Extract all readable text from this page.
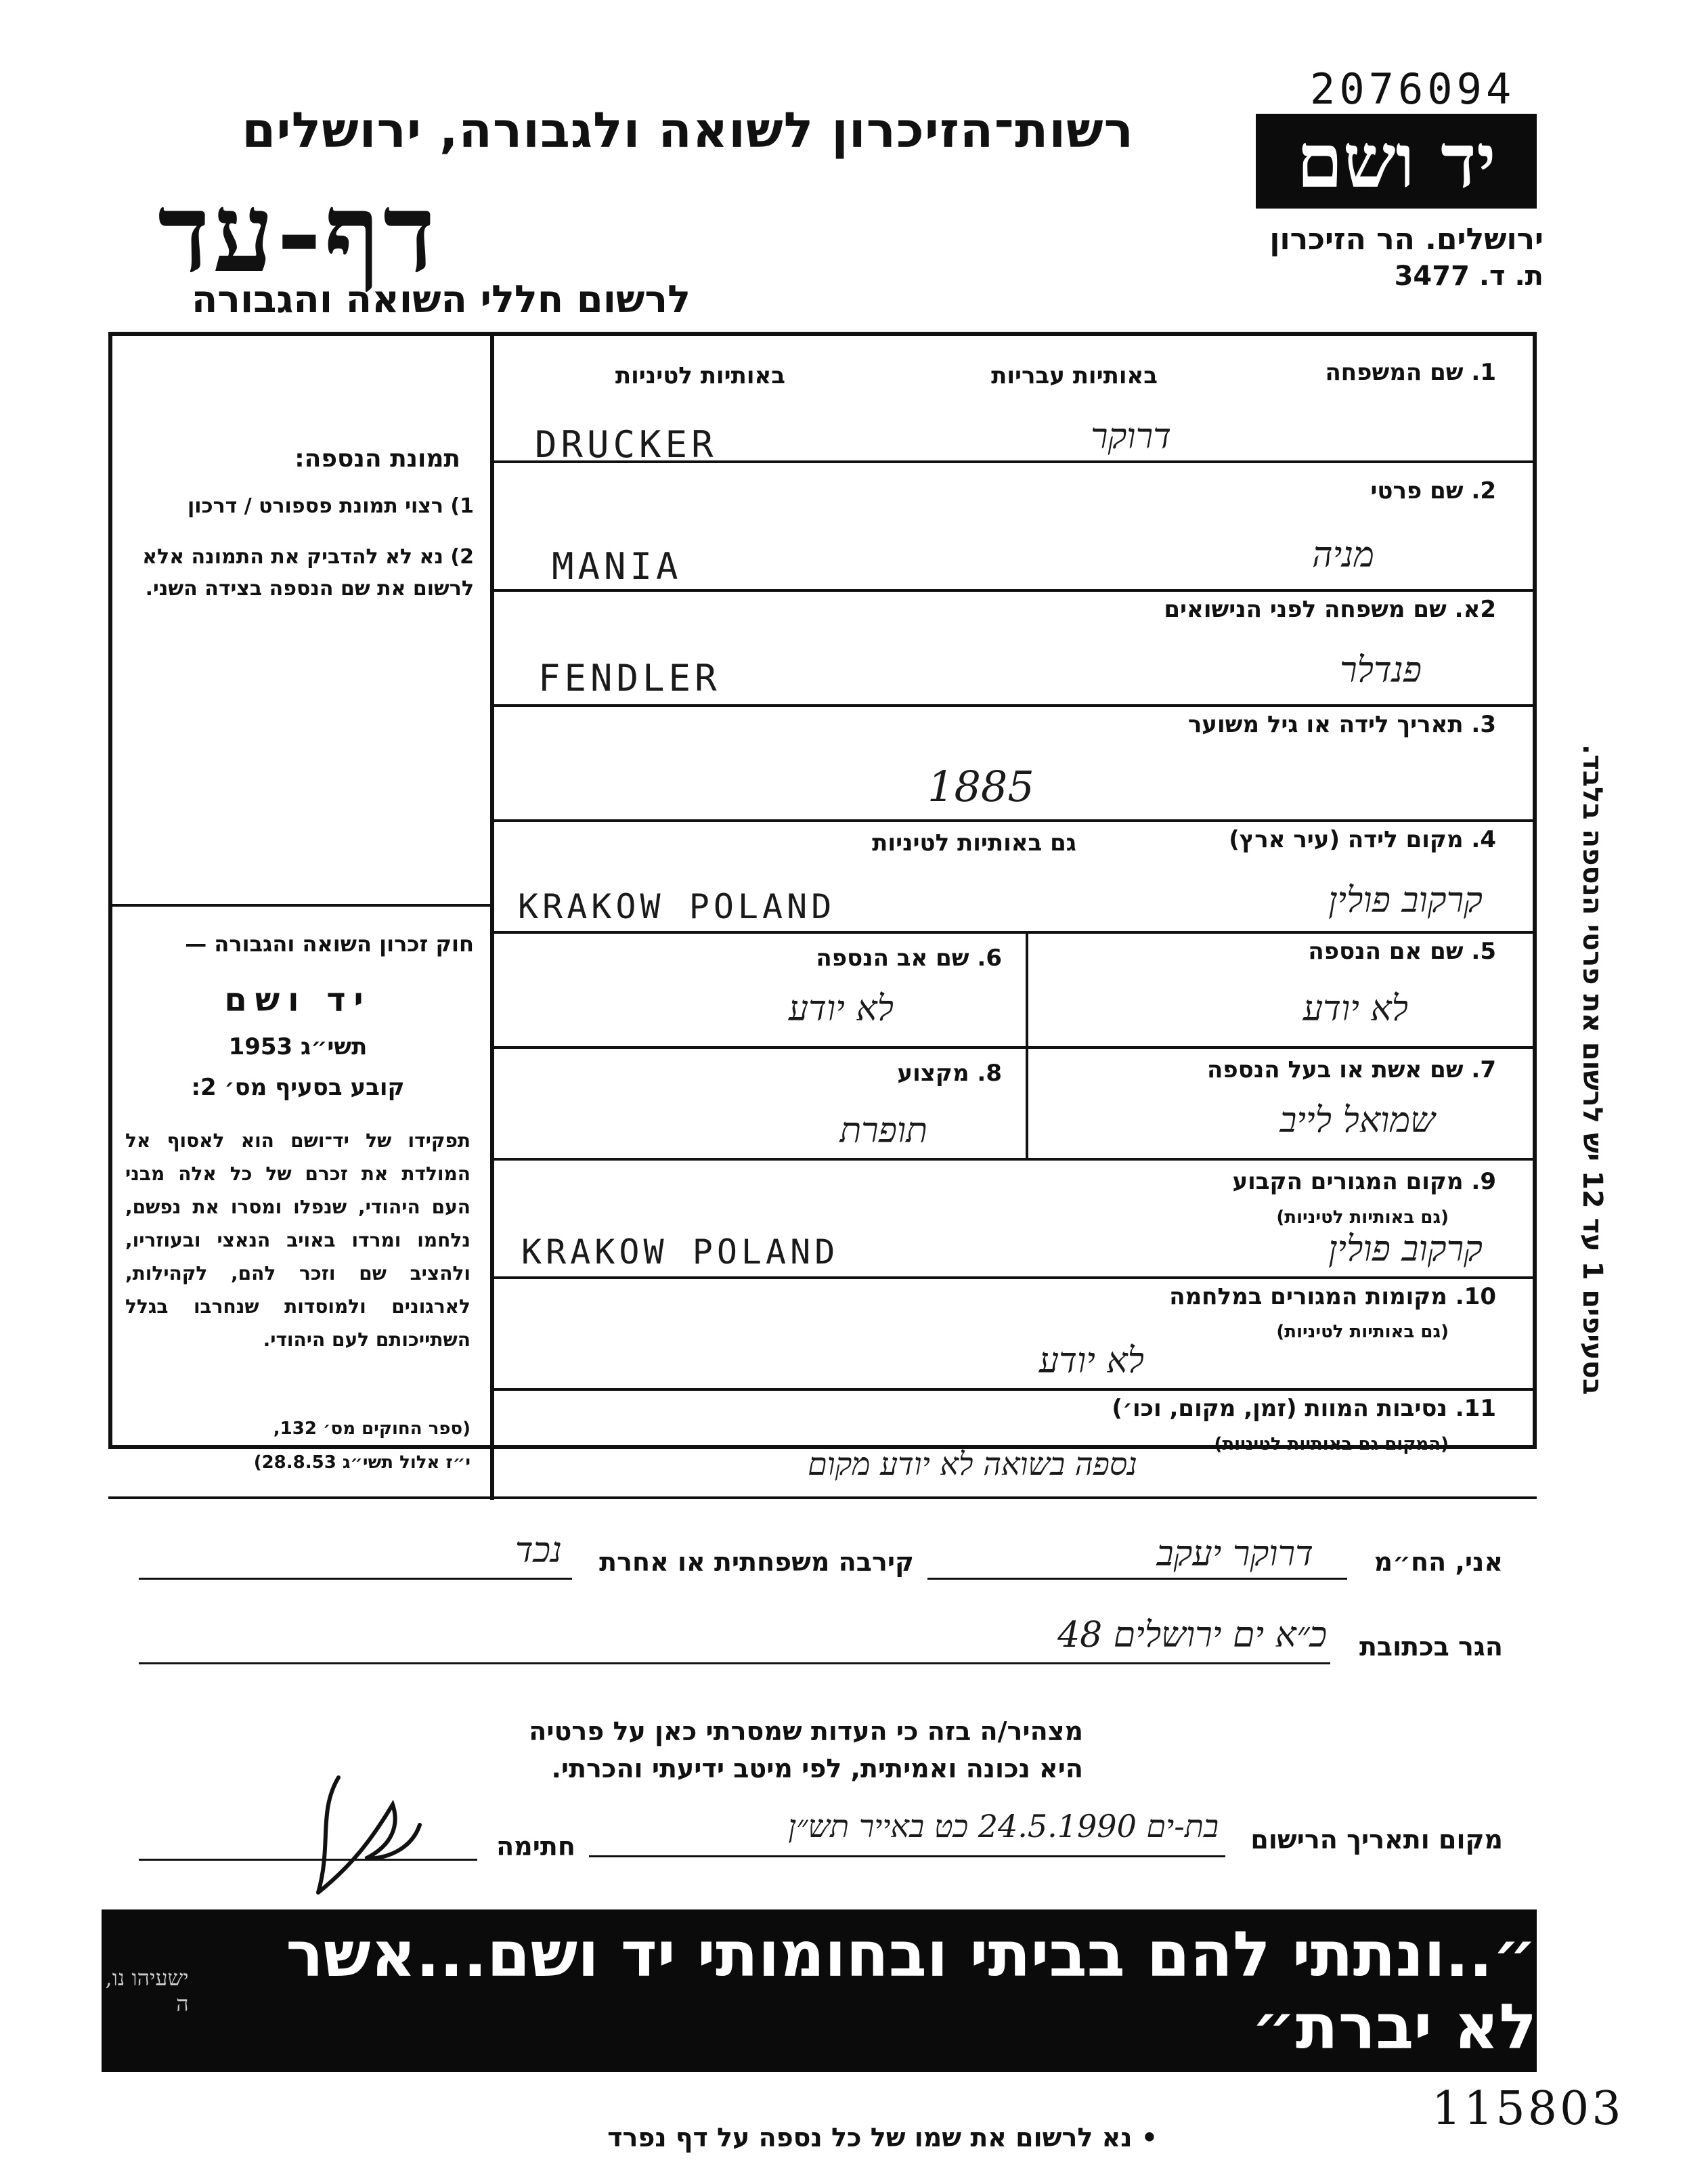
2076094
יד ושם
ירושלים. הר הזיכרון
ת. ד. 3477
רשות־הזיכרון לשואה ולגבורה, ירושלים
דף-עד
לרשום חללי השואה והגבורה
באותיות עבריות
באותיות לטיניות	1. שם המשפחה
DRUCKER	דרוקר
2. שם פרטי
MANIA	מניה
2א. שם משפחה לפני הנישואים
FENDLER	פנדלר
3. תאריך לידה או גיל משוער
1885
4. מקום לידה (עיר ארץ)
גם באותיות לטיניות
KRAKOW POLAND	קרקוב פולין
5. שם אם הנספה
לא יודע
6. שם אב הנספה
לא יודע
7. שם אשת או בעל הנספה
שמואל לייב
8. מקצוע
תופרת
9. מקום המגורים הקבוע
(גם באותיות לטיניות)
KRAKOW POLAND	קרקוב פולין
10. מקומות המגורים במלחמה
(גם באותיות לטיניות)
לא יודע
11. נסיבות המוות (זמן, מקום, וכו׳)
(המקום גם באותיות לטיניות)
נספה בשואה לא יודע מקום
תמונת הנספה:
1) רצוי תמונת פספורט / דרכון
2) נא לא להדביק את התמונה אלא לרשום את שם הנספה בצידה השני.
חוק זכרון השואה והגבורה —
יד ושם
תשי״ג 1953
קובע בסעיף מס׳ 2:
תפקידו של יד־ושם הוא לאסוף אל המולדת את זכרם של כל אלה מבני העם היהודי, שנפלו ומסרו את נפשם, נלחמו ומרדו באויב הנאצי ובעוזריו, ולהציב שם וזכר להם, לקהילות, לארגונים ולמוסדות שנחרבו בגלל השתייכותם לעם היהודי.
(ספר החוקים מס׳ 132,
י״ז אלול תשי״ג 28.8.53)
אני, הח״מ
דרוקר יעקב
קירבה משפחתית או אחרת
נכד
הגר בכתובת
כ״א ים ירושלים 48
מצהיר/ה בזה כי העדות שמסרתי כאן על פרטיה
היא נכונה ואמיתית, לפי מיטב ידיעתי והכרתי.
מקום ותאריך הרישום
בת-ים 24.5.1990 כט באייר תש״ן
חתימה
בסעיפים 1 עד 12 יש לרשום את פרטי הנספה בלבד.
״..ונתתי להם בביתי ובחומותי יד ושם...אשר לא יברת״
ישעיהו נו, ה
• נא לרשום את שמו של כל נספה על דף נפרד
115803
